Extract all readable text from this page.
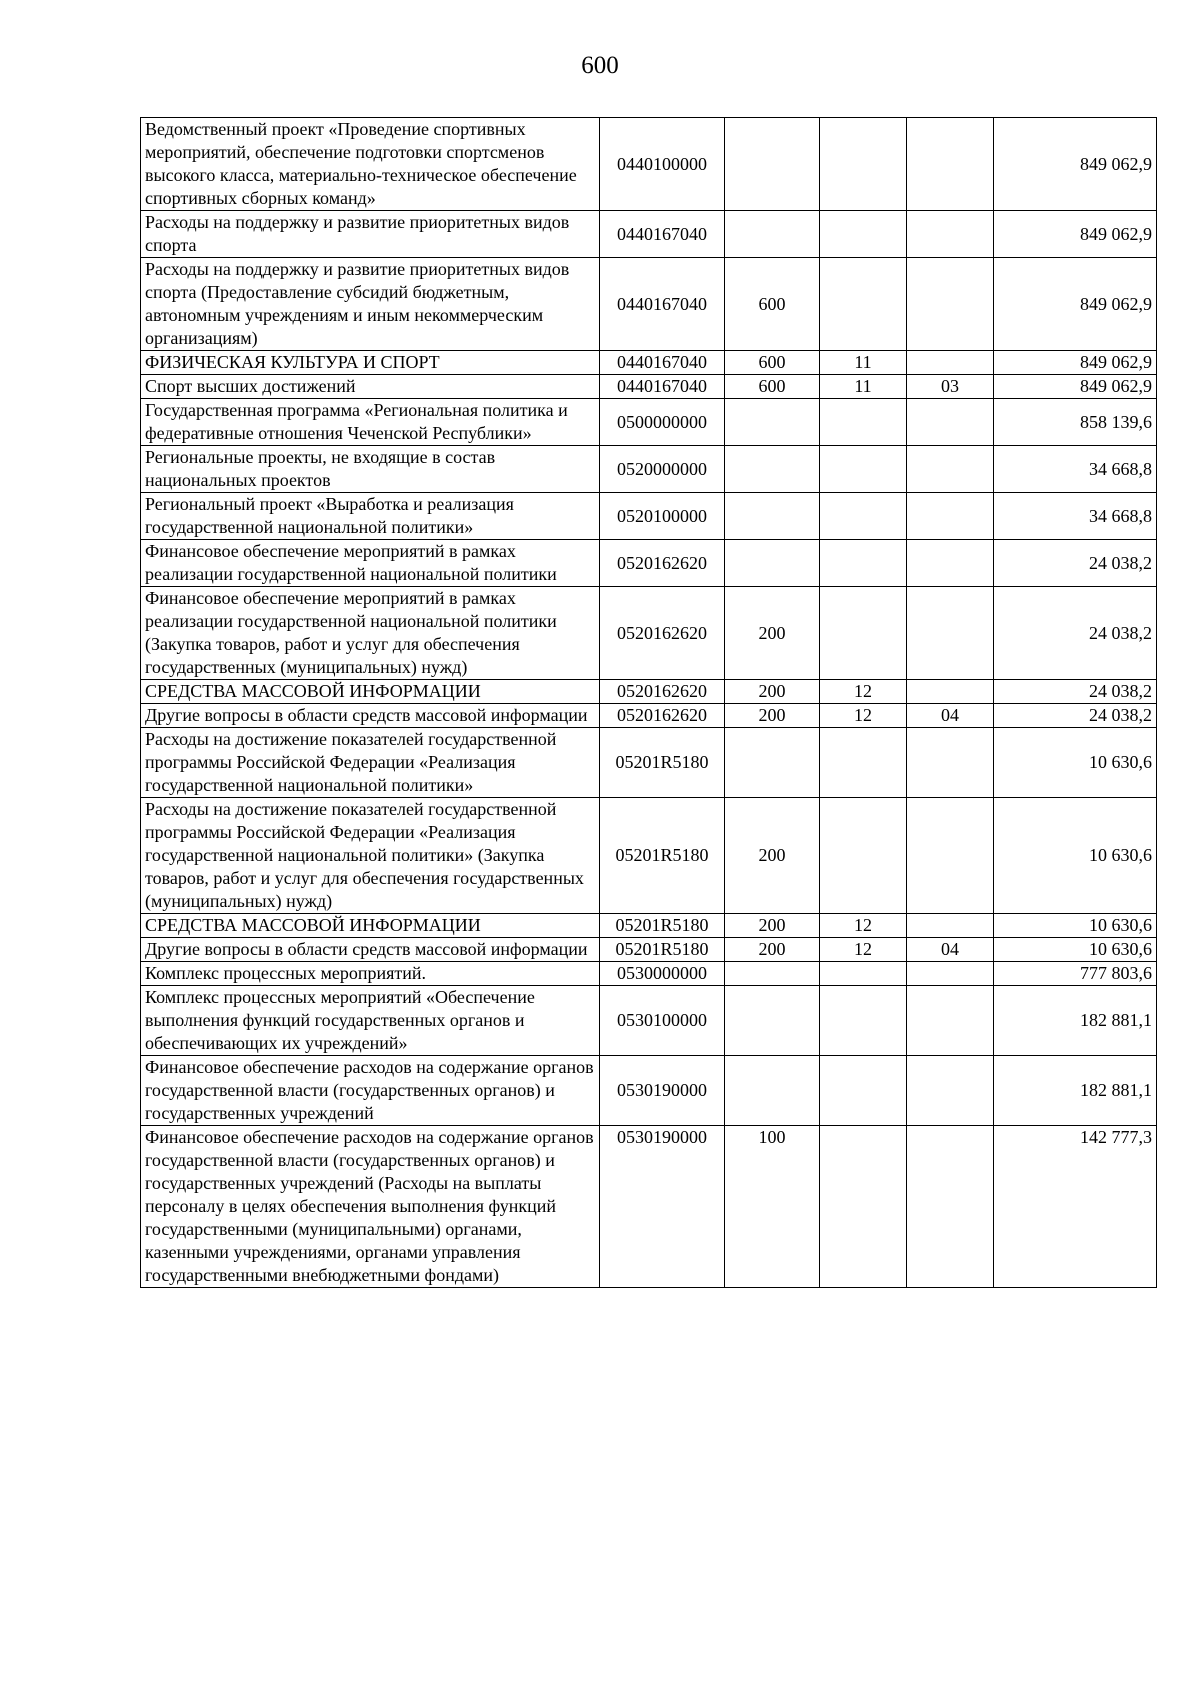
600
Ведомственный проект «Проведение спортивных мероприятий, обеспечение подготовки спортсменов высокого класса, материально-техническое обеспечение спортивных сборных команд»	0440100000				849 062,9
Расходы на поддержку и развитие приоритетных видов спорта	0440167040				849 062,9
Расходы на поддержку и развитие приоритетных видов спорта (Предоставление субсидий бюджетным, автономным учреждениям и иным некоммерческим организациям)	0440167040	600			849 062,9
ФИЗИЧЕСКАЯ КУЛЬТУРА И СПОРТ	0440167040	600	11		849 062,9
Спорт высших достижений	0440167040	600	11	03	849 062,9
Государственная программа «Региональная политика и федеративные отношения Чеченской Республики»	0500000000				858 139,6
Региональные проекты, не входящие в состав национальных проектов	0520000000				34 668,8
Региональный проект «Выработка и реализация государственной национальной политики»	0520100000				34 668,8
Финансовое обеспечение мероприятий в рамках реализации государственной национальной политики	0520162620				24 038,2
Финансовое обеспечение мероприятий в рамках реализации государственной национальной политики (Закупка товаров, работ и услуг для обеспечения государственных (муниципальных) нужд)	0520162620	200			24 038,2
СРЕДСТВА МАССОВОЙ ИНФОРМАЦИИ	0520162620	200	12		24 038,2
Другие вопросы в области средств массовой информации	0520162620	200	12	04	24 038,2
Расходы на достижение показателей государственной программы Российской Федерации «Реализация государственной национальной политики»	05201R5180				10 630,6
Расходы на достижение показателей государственной программы Российской Федерации «Реализация государственной национальной политики» (Закупка товаров, работ и услуг для обеспечения государственных (муниципальных) нужд)	05201R5180	200			10 630,6
СРЕДСТВА МАССОВОЙ ИНФОРМАЦИИ	05201R5180	200	12		10 630,6
Другие вопросы в области средств массовой информации	05201R5180	200	12	04	10 630,6
Комплекс процессных мероприятий.	0530000000				777 803,6
Комплекс процессных мероприятий «Обеспечение выполнения функций государственных органов и обеспечивающих их учреждений»	0530100000				182 881,1
Финансовое обеспечение расходов на содержание органов государственной власти (государственных органов) и государственных учреждений	0530190000				182 881,1
Финансовое обеспечение расходов на содержание органов государственной власти (государственных органов) и государственных учреждений (Расходы на выплаты персоналу в целях обеспечения выполнения функций государственными (муниципальными) органами, казенными учреждениями, органами управления государственными внебюджетными фондами)	0530190000	100			142 777,3
